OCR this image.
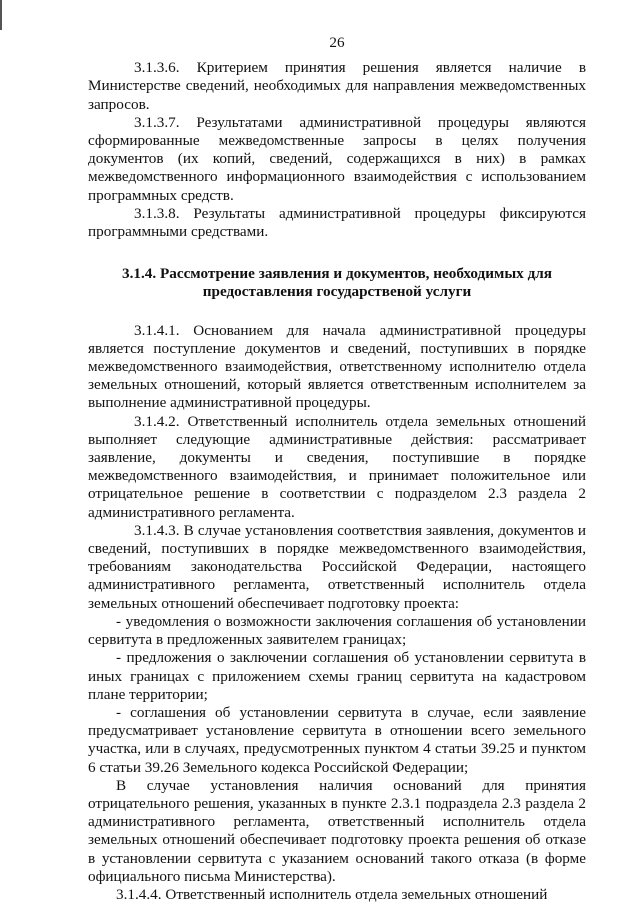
26

3.1.3.6. Критерием принятия решения является наличие в Министерстве сведений, необходимых для направления межведомственных запросов.

3.1.3.7. Результатами административной процедуры являются сформированные межведомственные запросы в целях получения документов (их копий, сведений, содержащихся в них) в рамках межведомственного информационного взаимодействия с использованием программных средств.

3.1.3.8. Результаты административной процедуры фиксируются программными средствами.

3.1.4. Рассмотрение заявления и документов, необходимых для предоставления государственой услуги

3.1.4.1. Основанием для начала административной процедуры является поступление документов и сведений, поступивших в порядке межведомственного взаимодействия, ответственному исполнителю отдела земельных отношений, который является ответственным исполнителем за выполнение административной процедуры.

3.1.4.2. Ответственный исполнитель отдела земельных отношений выполняет следующие административные действия: рассматривает заявление, документы и сведения, поступившие в порядке межведомственного взаимодействия, и принимает положительное или отрицательное решение в соответствии с подразделом 2.3 раздела 2 административного регламента.

3.1.4.3. В случае установления соответствия заявления, документов и сведений, поступивших в порядке межведомственного взаимодействия, требованиям законодательства Российской Федерации, настоящего административного регламента, ответственный исполнитель отдела земельных отношений обеспечивает подготовку проекта:

- уведомления о возможности заключения соглашения об установлении сервитута в предложенных заявителем границах;

- предложения о заключении соглашения об установлении сервитута в иных границах с приложением схемы границ сервитута на кадастровом плане территории;

- соглашения об установлении сервитута в случае, если заявление предусматривает установление сервитута в отношении всего земельного участка, или в случаях, предусмотренных пунктом 4 статьи 39.25 и пунктом 6 статьи 39.26 Земельного кодекса Российской Федерации;

В случае установления наличия оснований для принятия отрицательного решения, указанных в пункте 2.3.1 подраздела 2.3 раздела 2 административного регламента, ответственный исполнитель отдела земельных отношений обеспечивает подготовку проекта решения об отказе в установлении сервитута с указанием оснований такого отказа (в форме официального письма Министерства).

3.1.4.4. Ответственный исполнитель отдела земельных отношений
